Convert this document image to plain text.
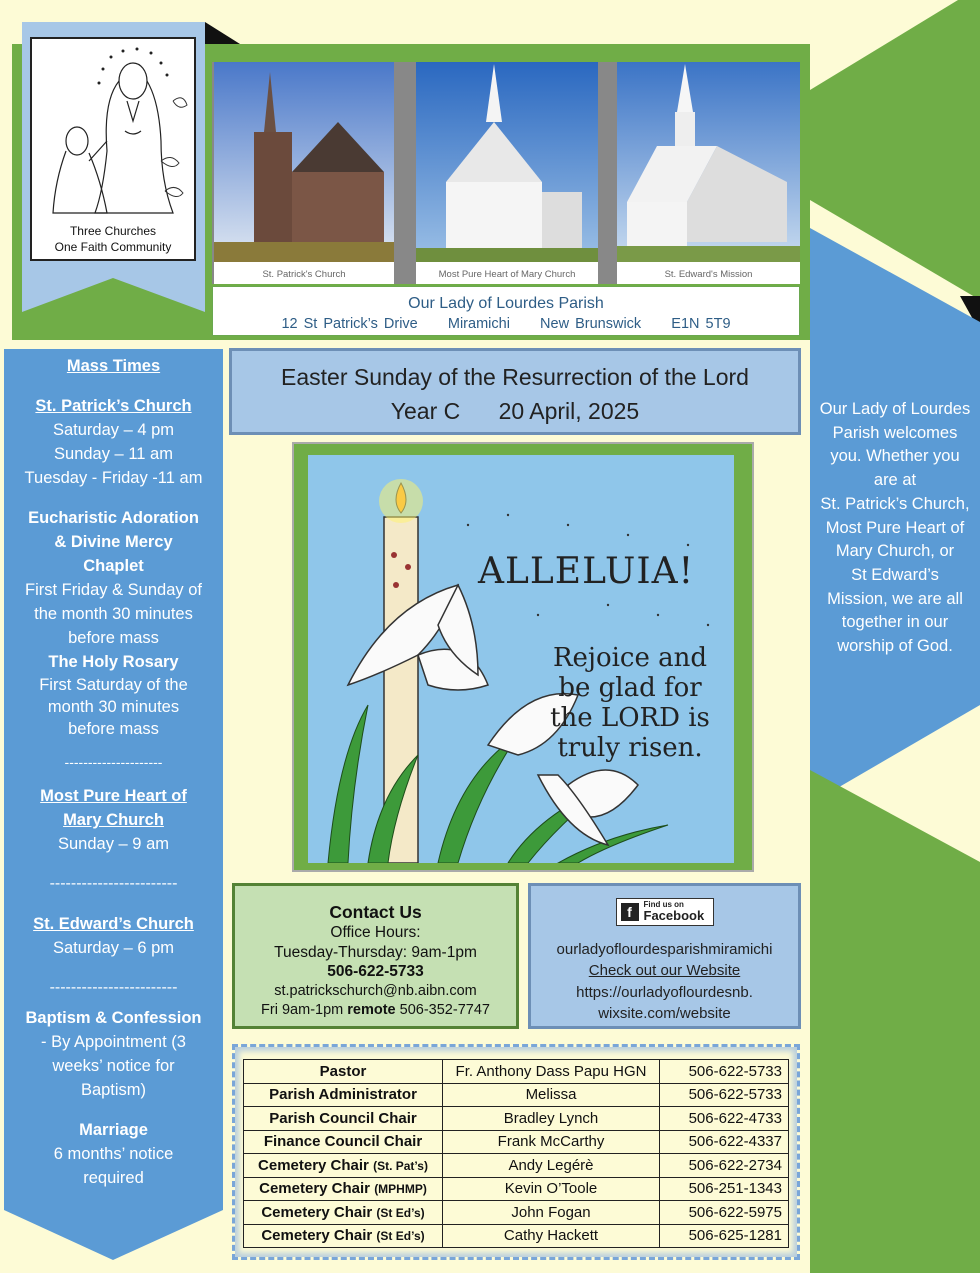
Three Churches
One Faith Community
St. Patrick's Church	Most Pure Heart of Mary Church	St. Edward's Mission
Our Lady of Lourdes Parish
12 St Patrick’s Drive     Miramichi     New Brunswick     E1N 5T9
Mass Times
St. Patrick’s Church
Saturday – 4 pm
Sunday – 11 am
Tuesday - Friday -11 am
Eucharistic Adoration
& Divine Mercy
Chaplet
First Friday & Sunday of
the month 30 minutes
before mass
The Holy Rosary
First Saturday of the
month 30 minutes
before mass
---------------------
Most Pure Heart of
Mary Church
Sunday – 9 am
------------------------
St. Edward’s Church
Saturday – 6 pm
------------------------
Baptism & Confession
- By Appointment (3
weeks’ notice for
Baptism)
Marriage
6 months’ notice
required
Easter Sunday of the Resurrection of the Lord
Year C      20 April, 2025
ALLELUIA!
Rejoice and
be glad for
the LORD is
truly risen.
Contact Us
Office Hours:
Tuesday-Thursday: 9am-1pm
506-622-5733
st.patrickschurch@nb.aibn.com
Fri 9am-1pm remote 506-352-7747
f	Find us on
Facebook
ourladyoflourdesparishmiramichi
Check out our Website
https://ourladyoflourdesnb.
wixsite.com/website
Pastor	Fr. Anthony Dass Papu HGN	506-622-5733
Parish Administrator	Melissa	506-622-5733
Parish Council Chair	Bradley Lynch	506-622-4733
Finance Council Chair	Frank McCarthy	506-622-4337
Cemetery Chair (St. Pat’s)	Andy Legérè	506-622-2734
Cemetery Chair (MPHMP)	Kevin O’Toole	506-251-1343
Cemetery Chair (St Ed’s)	John Fogan	506-622-5975
Cemetery Chair (St Ed’s)	Cathy Hackett	506-625-1281
Our Lady of Lourdes
Parish welcomes
you. Whether you
are at
St. Patrick’s Church,
Most Pure Heart of
Mary Church, or
St Edward’s
Mission, we are all
together in our
worship of God.
